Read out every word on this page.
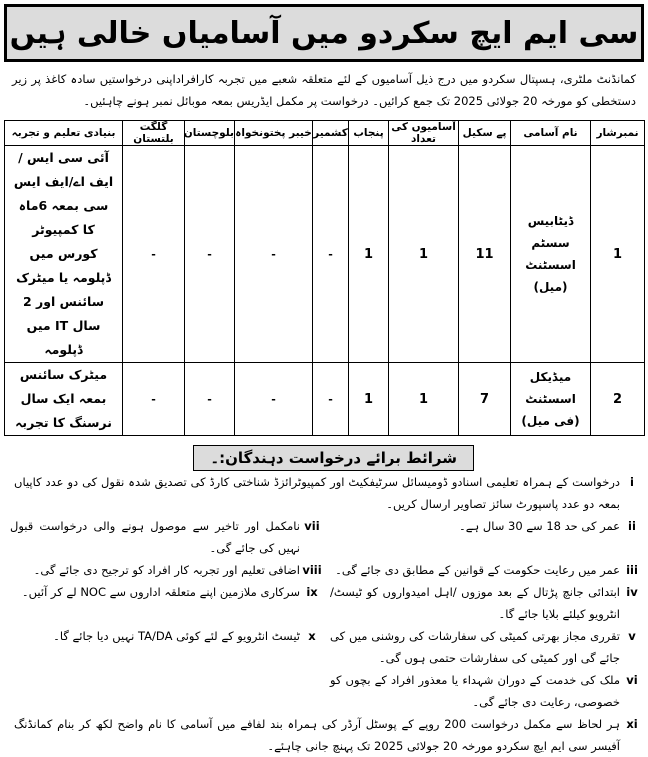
سی ایم ایچ سکردو میں آسامیاں خالی ہیں
کمانڈنٹ ملٹری، ہسپتال سکردو میں درج ذیل آسامیوں کے لئے متعلقہ شعبے میں تجربہ کارافراداپنی درخواستیں سادہ کاغذ پر زیر دستخطی کو مورخہ 20 جولائی 2025 تک جمع کرائیں۔ درخواست پر مکمل ایڈریس بمعہ موبائل نمبر ہونے چاہئیں۔
نمبرشار	نام آسامی	پے سکیل	آسامیوں کی تعداد	پنجاب	کشمیر	خیبر پختونخواہ	بلوچستان	گلگت بلتستان	بنیادی تعلیم و تجربہ
1	ڈیٹابیس سسٹم اسسٹنٹ (میل)	11	1	1	-	-	-	-	آئی سی ایس /ایف اے/ایف ایس سی بمعہ 6ماہ کا کمپیوٹر کورس میں ڈپلومہ یا میٹرک سائنس اور 2 سال IT میں ڈپلومہ
2	میڈیکل اسسٹنٹ (فی میل)	7	1	1	-	-	-	-	میٹرک سائنس بمعہ ایک سال نرسنگ کا تجربہ
شرائط برائے درخواست دہندگان:۔
i
درخواست کے ہمراہ تعلیمی اسنادو ڈومیسائل سرٹیفکیٹ اور کمپیوٹرائزڈ شناختی کارڈ کی تصدیق شدہ نقول کی دو عدد کاپیاں بمعہ دو عدد پاسپورٹ سائز تصاویر ارسال کریں۔
ii
عمر کی حد 18 سے 30 سال ہے۔
vii
نامکمل اور تاخیر سے موصول ہونے والی درخواست قبول نہیں کی جائے گی۔
iii
عمر میں رعایت حکومت کے قوانین کے مطابق دی جائے گی۔
viii
اضافی تعلیم اور تجربہ کار افراد کو ترجیح دی جائے گی۔
iv
ابتدائی جانچ پڑتال کے بعد موزوں /اہل امیدواروں کو ٹیسٹ/ انٹرویو کیلئے بلایا جائے گا۔
ix
سرکاری ملازمین اپنے متعلقہ اداروں سے NOC لے کر آئیں۔
v
تقرری مجاز بھرتی کمیٹی کی سفارشات کی روشنی میں کی جائے گی اور کمیٹی کی سفارشات حتمی ہوں گی۔
x
ٹیسٹ انٹرویو کے لئے کوئی TA/DA نہیں دیا جائے گا۔
vi
ملک کی خدمت کے دوران شہداء یا معذور افراد کے بچوں کو خصوصی، رعایت دی جائے گی۔
xi
ہر لحاظ سے مکمل درخواست 200 روپے کے پوسٹل آرڈر کی ہمراہ بند لفافے میں آسامی کا نام واضح لکھ کر بنام کمانڈنگ آفیسر سی ایم ایچ سکردو مورخہ 20 جولائی 2025 تک پہنچ جانی چاہئے۔
